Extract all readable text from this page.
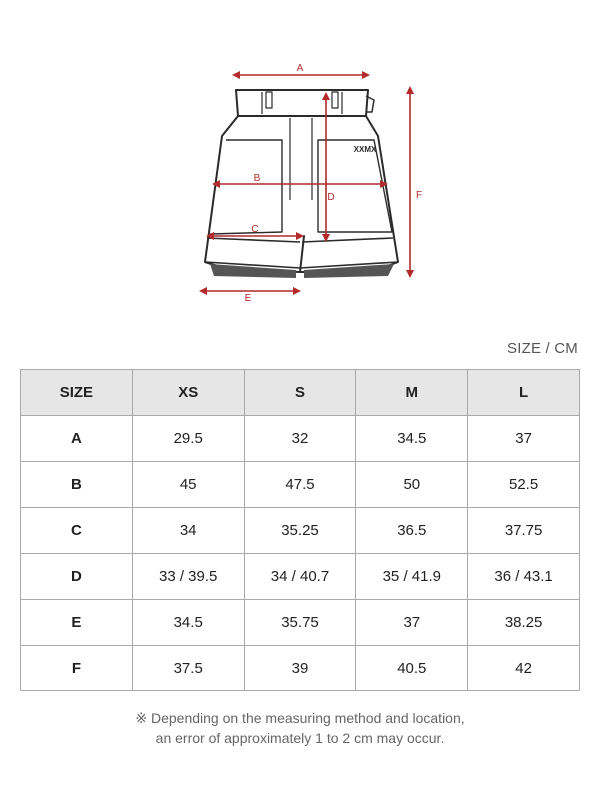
XXMX
A
B
C
D
E
F
SIZE / CM
SIZE	XS	S	M	L
A	29.5	32	34.5	37
B	45	47.5	50	52.5
C	34	35.25	36.5	37.75
D	33 / 39.5	34 / 40.7	35 / 41.9	36 / 43.1
E	34.5	35.75	37	38.25
F	37.5	39	40.5	42
※ Depending on the measuring method and location,
an error of approximately 1 to 2 cm may occur.
